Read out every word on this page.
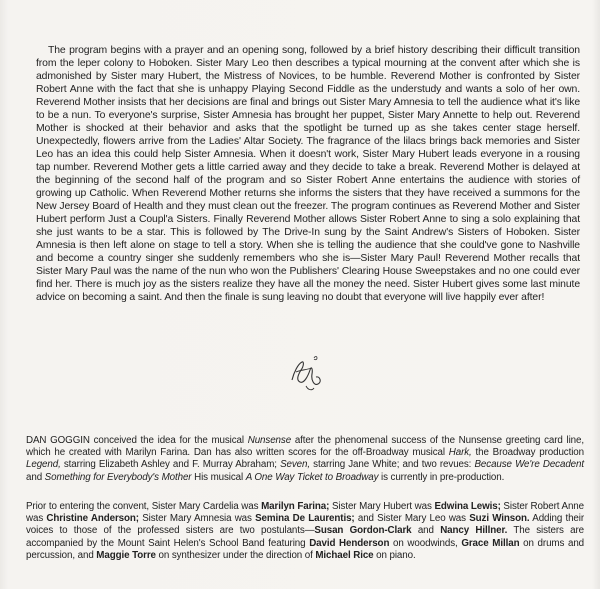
The program begins with a prayer and an opening song, followed by a brief history describing their difficult transition from the leper colony to Hoboken. Sister Mary Leo then describes a typical mourning at the convent after which she is admonished by Sister mary Hubert, the Mistress of Novices, to be humble. Reverend Mother is confronted by Sister Robert Anne with the fact that she is unhappy Playing Second Fiddle as the understudy and wants a solo of her own. Reverend Mother insists that her decisions are final and brings out Sister Mary Amnesia to tell the audience what it's like to be a nun. To everyone's surprise, Sister Amnesia has brought her puppet, Sister Mary Annette to help out. Reverend Mother is shocked at their behavior and asks that the spotlight be turned up as she takes center stage herself. Unexpectedly, flowers arrive from the Ladies' Altar Society. The fragrance of the lilacs brings back memories and Sister Leo has an idea this could help Sister Amnesia. When it doesn't work, Sister Mary Hubert leads everyone in a rousing tap number. Reverend Mother gets a little carried away and they decide to take a break. Reverend Mother is delayed at the beginning of the second half of the program and so Sister Robert Anne entertains the audience with stories of growing up Catholic. When Reverend Mother returns she informs the sisters that they have received a summons for the New Jersey Board of Health and they must clean out the freezer. The program continues as Reverend Mother and Sister Hubert perform Just a Coupl'a Sisters. Finally Reverend Mother allows Sister Robert Anne to sing a solo explaining that she just wants to be a star. This is followed by The Drive-In sung by the Saint Andrew's Sisters of Hoboken. Sister Amnesia is then left alone on stage to tell a story. When she is telling the audience that she could've gone to Nashville and become a country singer she suddenly remembers who she is—Sister Mary Paul! Reverend Mother recalls that Sister Mary Paul was the name of the nun who won the Publishers' Clearing House Sweepstakes and no one could ever find her. There is much joy as the sisters realize they have all the money the need. Sister Hubert gives some last minute advice on becoming a saint. And then the finale is sung leaving no doubt that everyone will live happily ever after!

DAN GOGGIN conceived the idea for the musical Nunsense after the phenomenal success of the Nunsense greeting card line, which he created with Marilyn Farina. Dan has also written scores for the off-Broadway musical Hark, the Broadway production Legend, starring Elizabeth Ashley and F. Murray Abraham; Seven, starring Jane White; and two revues: Because We're Decadent and Something for Everybody's Mother His musical A One Way Ticket to Broadway is currently in pre-production.

Prior to entering the convent, Sister Mary Cardelia was Marilyn Farina; Sister Mary Hubert was Edwina Lewis; Sister Robert Anne was Christine Anderson; Sister Mary Amnesia was Semina De Laurentis; and Sister Mary Leo was Suzi Winson. Adding their voices to those of the professed sisters are two postulants—Susan Gordon-Clark and Nancy Hillner. The sisters are accompanied by the Mount Saint Helen's School Band featuring David Henderson on woodwinds, Grace Millan on drums and percussion, and Maggie Torre on synthesizer under the direction of Michael Rice on piano.
